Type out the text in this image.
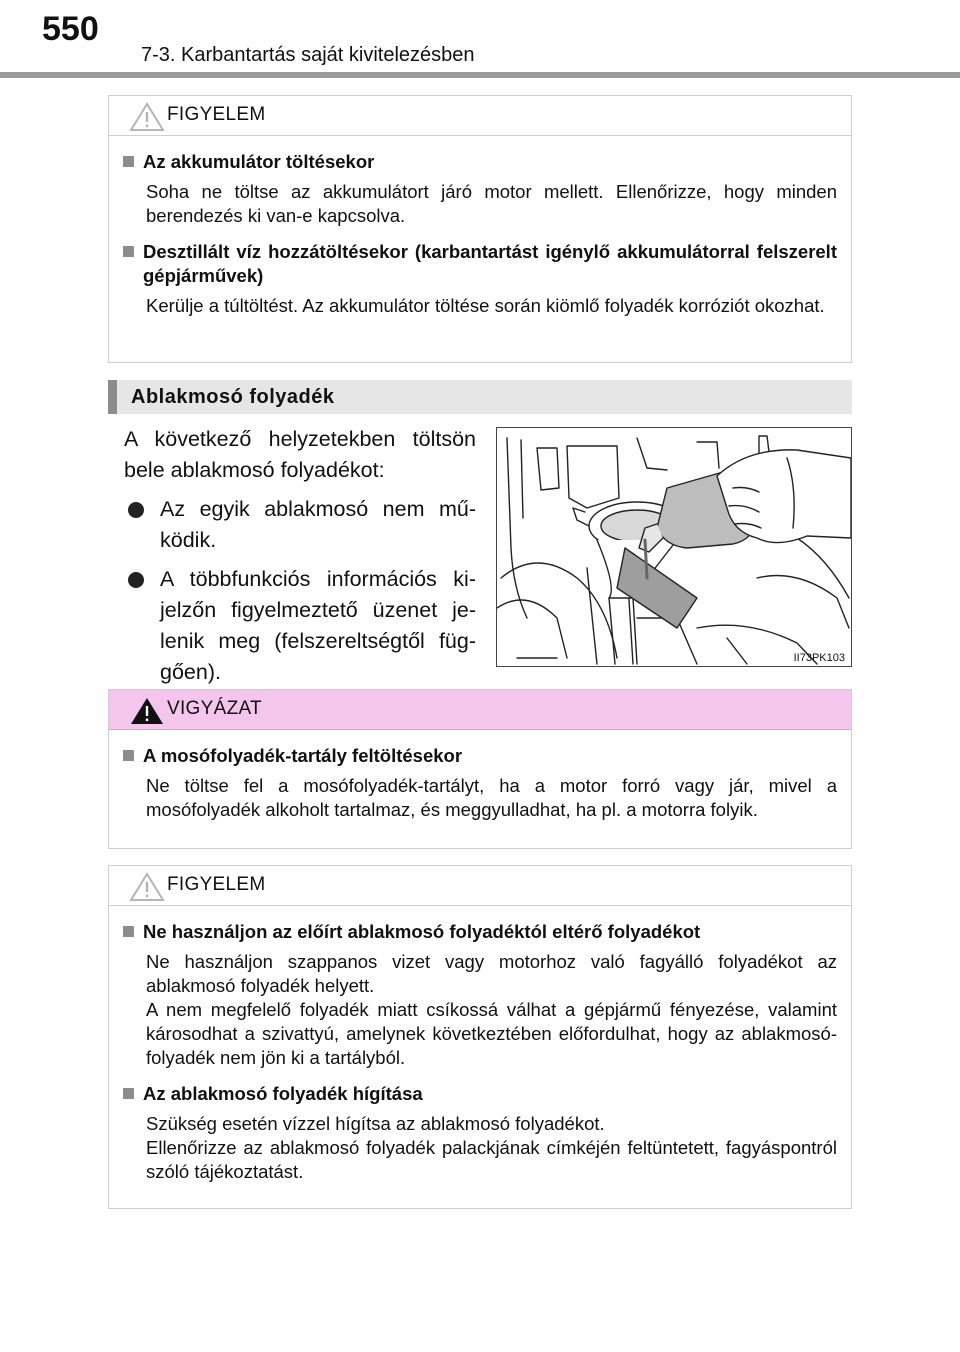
550
7-3. Karbantartás saját kivitelezésben
FIGYELEM
Az akkumulátor töltésekor
Soha ne töltse az akkumulátort járó motor mellett. Ellenőrizze, hogy minden berendezés ki van-e kapcsolva.
Desztillált víz hozzátöltésekor (karbantartást igénylő akkumulátorral felszerelt gépjárművek)
Kerülje a túltöltést. Az akkumulátor töltése során kiömlő folyadék korróziót okozhat.
Ablakmosó folyadék

A következő helyzetekben töltsön bele ablakmosó folyadékot:

Az egyik ablakmosó nem mű-ködik.
A többfunkciós információs ki-jelzőn figyelmeztető üzenet je-lenik meg (felszereltségtől füg-gően).
II73PK103
VIGYÁZAT
A mosófolyadék-tartály feltöltésekor
Ne töltse fel a mosófolyadék-tartályt, ha a motor forró vagy jár, mivel a mosófolyadék alkoholt tartalmaz, és meggyulladhat, ha pl. a motorra folyik.
FIGYELEM
Ne használjon az előírt ablakmosó folyadéktól eltérő folyadékot

Ne használjon szappanos vizet vagy motorhoz való fagyálló folyadékot az ablakmosó folyadék helyett.

A nem megfelelő folyadék miatt csíkossá válhat a gépjármű fényezése, valamint károsodhat a szivattyú, amelynek következtében előfordulhat, hogy az ablakmosó-folyadék nem jön ki a tartályból.

Az ablakmosó folyadék hígítása

Szükség esetén vízzel hígítsa az ablakmosó folyadékot.

Ellenőrizze az ablakmosó folyadék palackjának címkéjén feltüntetett, fagyáspontról szóló tájékoztatást.
